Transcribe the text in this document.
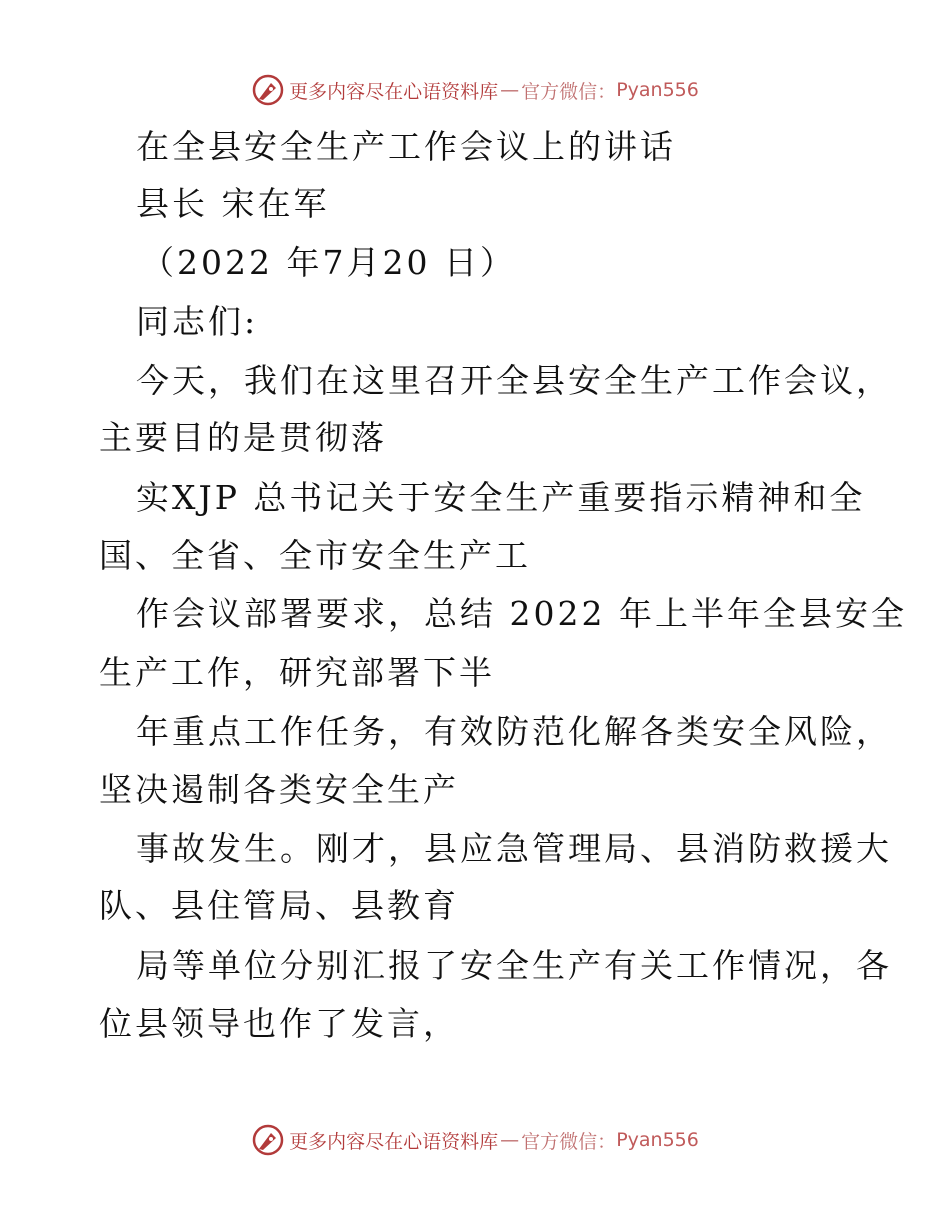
更多内容尽在心语资料库 — 官方微信： Pyan556
在全县安全生产工作会议上的讲话
县长 宋在军
（2022 年7月20 日）
同志们:
今天，我们在这里召开全县安全生产工作会议，
主要目的是贯彻落
实XJP 总书记关于安全生产重要指示精神和全
国、全省、全市安全生产工
作会议部署要求，总结 2022 年上半年全县安全
生产工作，研究部署下半
年重点工作任务，有效防范化解各类安全风险，
坚决遏制各类安全生产
事故发生。刚才，县应急管理局、县消防救援大
队、县住管局、县教育
局等单位分别汇报了安全生产有关工作情况，各
位县领导也作了发言，
更多内容尽在心语资料库 — 官方微信： Pyan556
